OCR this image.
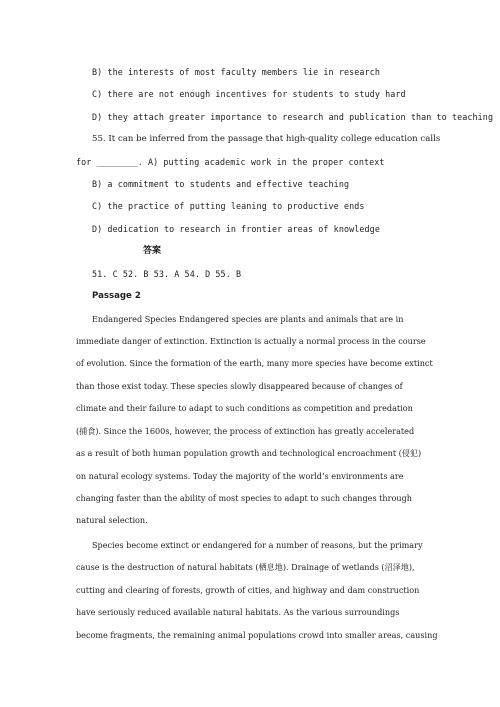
B) the interests of most faculty members lie in research
C) there are not enough incentives for students to study hard
D) they attach greater importance to research and publication than to teaching
55. It can be inferred from the passage that high-quality college education calls
for ________. A) putting academic work in the proper context
B) a commitment to students and effective teaching
C) the practice of putting leaning to productive ends
D) dedication to research in frontier areas of knowledge
答案
51. C 52. B 53. A 54. D 55. B
Passage 2
Endangered Species Endangered species are plants and animals that are in
immediate danger of extinction. Extinction is actually a normal process in the course
of evolution. Since the formation of the earth, many more species have become extinct
than those exist today. These species slowly disappeared because of changes of
climate and their failure to adapt to such conditions as competition and predation
(捕食). Since the 1600s, however, the process of extinction has greatly accelerated
as a result of both human population growth and technological encroachment (侵犯)
on natural ecology systems. Today the majority of the world’s environments are
changing faster than the ability of most species to adapt to such changes through
natural selection.
Species become extinct or endangered for a number of reasons, but the primary
cause is the destruction of natural habitats (栖息地). Drainage of wetlands (沼泽地),
cutting and clearing of forests, growth of cities, and highway and dam construction
have seriously reduced available natural habitats. As the various surroundings
become fragments, the remaining animal populations crowd into smaller areas, causing
